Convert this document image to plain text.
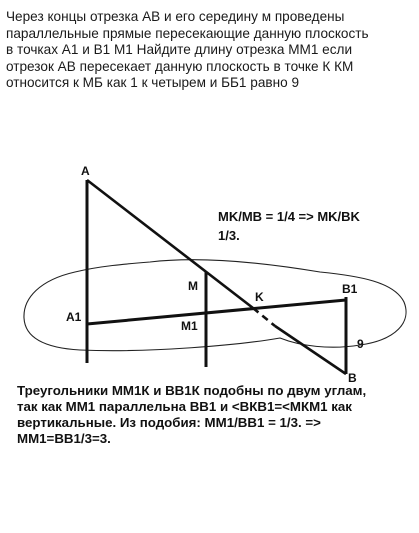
Через концы отрезка АВ и его середину м проведены
параллельные прямые пересекающие данную плоскость
в точках А1 и В1 М1 Найдите длину отрезка ММ1 если
отрезок АВ пересекает данную плоскость в точке К КМ
относится к МБ как 1 к четырем и ББ1 равно 9
A
M
K
B1
A1
M1
B
9
MK/MB = 1/4 => MK/BK
1/3.
Треугольники ММ1К и ВВ1К подобны по двум углам,
так как ММ1 параллельна ВВ1 и <ВКВ1=<МКМ1 как
вертикальные. Из подобия: ММ1/ВВ1 = 1/3. =>
ММ1=ВВ1/3=3.
